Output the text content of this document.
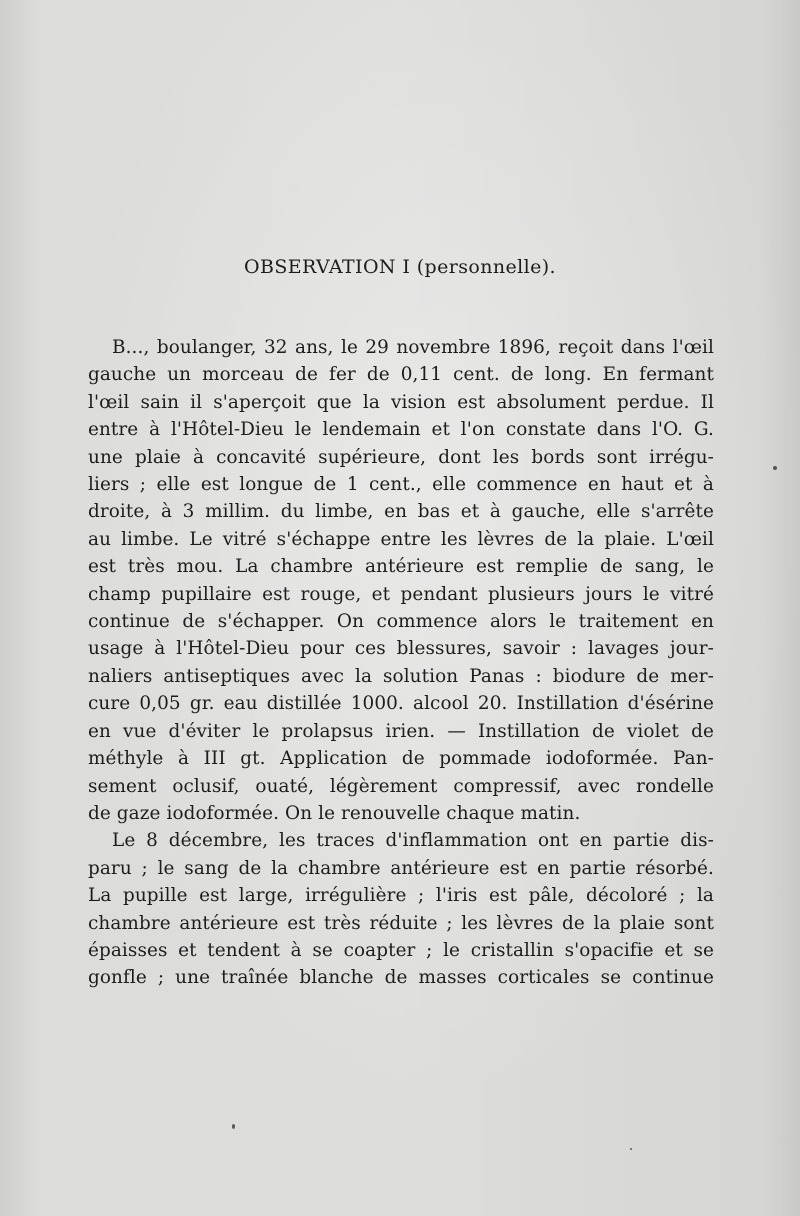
OBSERVATION I (personnelle).
B..., boulanger, 32 ans, le 29 novembre 1896, reçoit dans l'œil
gauche un morceau de fer de 0,11 cent. de long. En fermant
l'œil sain il s'aperçoit que la vision est absolument perdue. Il
entre à l'Hôtel-Dieu le lendemain et l'on constate dans l'O. G.
une plaie à concavité supérieure, dont les bords sont irrégu-
liers ; elle est longue de 1 cent., elle commence en haut et à
droite, à 3 millim. du limbe, en bas et à gauche, elle s'arrête
au limbe. Le vitré s'échappe entre les lèvres de la plaie. L'œil
est très mou. La chambre antérieure est remplie de sang, le
champ pupillaire est rouge, et pendant plusieurs jours le vitré
continue de s'échapper. On commence alors le traitement en
usage à l'Hôtel-Dieu pour ces blessures, savoir : lavages jour-
naliers antiseptiques avec la solution Panas : biodure de mer-
cure 0,05 gr. eau distillée 1000. alcool 20. Instillation d'ésérine
en vue d'éviter le prolapsus irien. — Instillation de violet de
méthyle à III gt. Application de pommade iodoformée. Pan-
sement oclusif, ouaté, légèrement compressif, avec rondelle
de gaze iodoformée. On le renouvelle chaque matin.
Le 8 décembre, les traces d'inflammation ont en partie dis-
paru ; le sang de la chambre antérieure est en partie résorbé.
La pupille est large, irrégulière ; l'iris est pâle, décoloré ; la
chambre antérieure est très réduite ; les lèvres de la plaie sont
épaisses et tendent à se coapter ; le cristallin s'opacifie et se
gonfle ; une traînée blanche de masses corticales se continue
